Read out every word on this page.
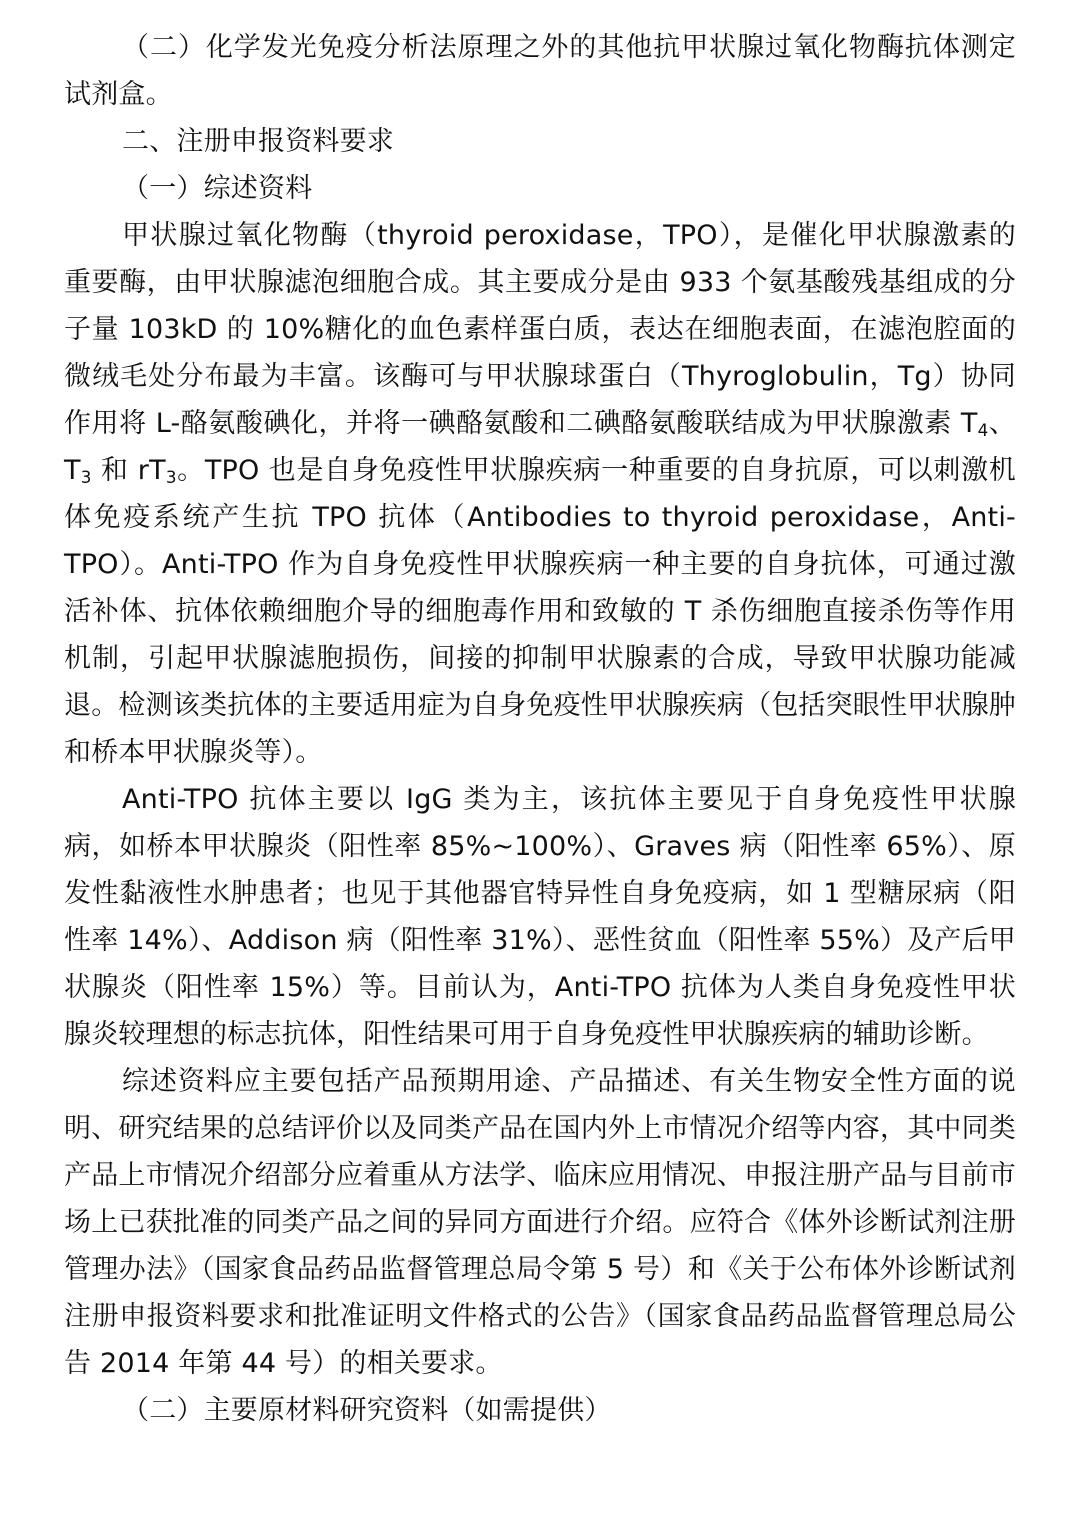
（二）化学发光免疫分析法原理之外的其他抗甲状腺过氧化物酶抗体测定试剂盒。

二、注册申报资料要求

（一）综述资料

甲状腺过氧化物酶（thyroid peroxidase，TPO），是催化甲状腺激素的重要酶，由甲状腺滤泡细胞合成。其主要成分是由 933 个氨基酸残基组成的分子量 103kD 的 10%糖化的血色素样蛋白质，表达在细胞表面，在滤泡腔面的微绒毛处分布最为丰富。该酶可与甲状腺球蛋白（Thyroglobulin，Tg）协同作用将 L-酪氨酸碘化，并将一碘酪氨酸和二碘酪氨酸联结成为甲状腺激素 $T_4$、$T_3$ 和 $rT_3$。TPO 也是自身免疫性甲状腺疾病一种重要的自身抗原，可以刺激机体免疫系统产生抗 TPO 抗体（Antibodies to thyroid peroxidase，Anti-TPO）。Anti-TPO 作为自身免疫性甲状腺疾病一种主要的自身抗体，可通过激活补体、抗体依赖细胞介导的细胞毒作用和致敏的 T 杀伤细胞直接杀伤等作用机制，引起甲状腺滤胞损伤，间接的抑制甲状腺素的合成，导致甲状腺功能减退。检测该类抗体的主要适用症为自身免疫性甲状腺疾病（包括突眼性甲状腺肿和桥本甲状腺炎等）。

Anti-TPO 抗体主要以 IgG 类为主，该抗体主要见于自身免疫性甲状腺病，如桥本甲状腺炎（阳性率 85%~100%）、Graves 病（阳性率 65%）、原发性黏液性水肿患者；也见于其他器官特异性自身免疫病，如 1 型糖尿病（阳性率 14%）、Addison 病（阳性率 31%）、恶性贫血（阳性率 55%）及产后甲状腺炎（阳性率 15%）等。目前认为，Anti-TPO 抗体为人类自身免疫性甲状腺炎较理想的标志抗体，阳性结果可用于自身免疫性甲状腺疾病的辅助诊断。

综述资料应主要包括产品预期用途、产品描述、有关生物安全性方面的说明、研究结果的总结评价以及同类产品在国内外上市情况介绍等内容，其中同类产品上市情况介绍部分应着重从方法学、临床应用情况、申报注册产品与目前市场上已获批准的同类产品之间的异同方面进行介绍。应符合《体外诊断试剂注册管理办法》（国家食品药品监督管理总局令第 5 号）和《关于公布体外诊断试剂注册申报资料要求和批准证明文件格式的公告》（国家食品药品监督管理总局公告 2014 年第 44 号）的相关要求。

（二）主要原材料研究资料（如需提供）
